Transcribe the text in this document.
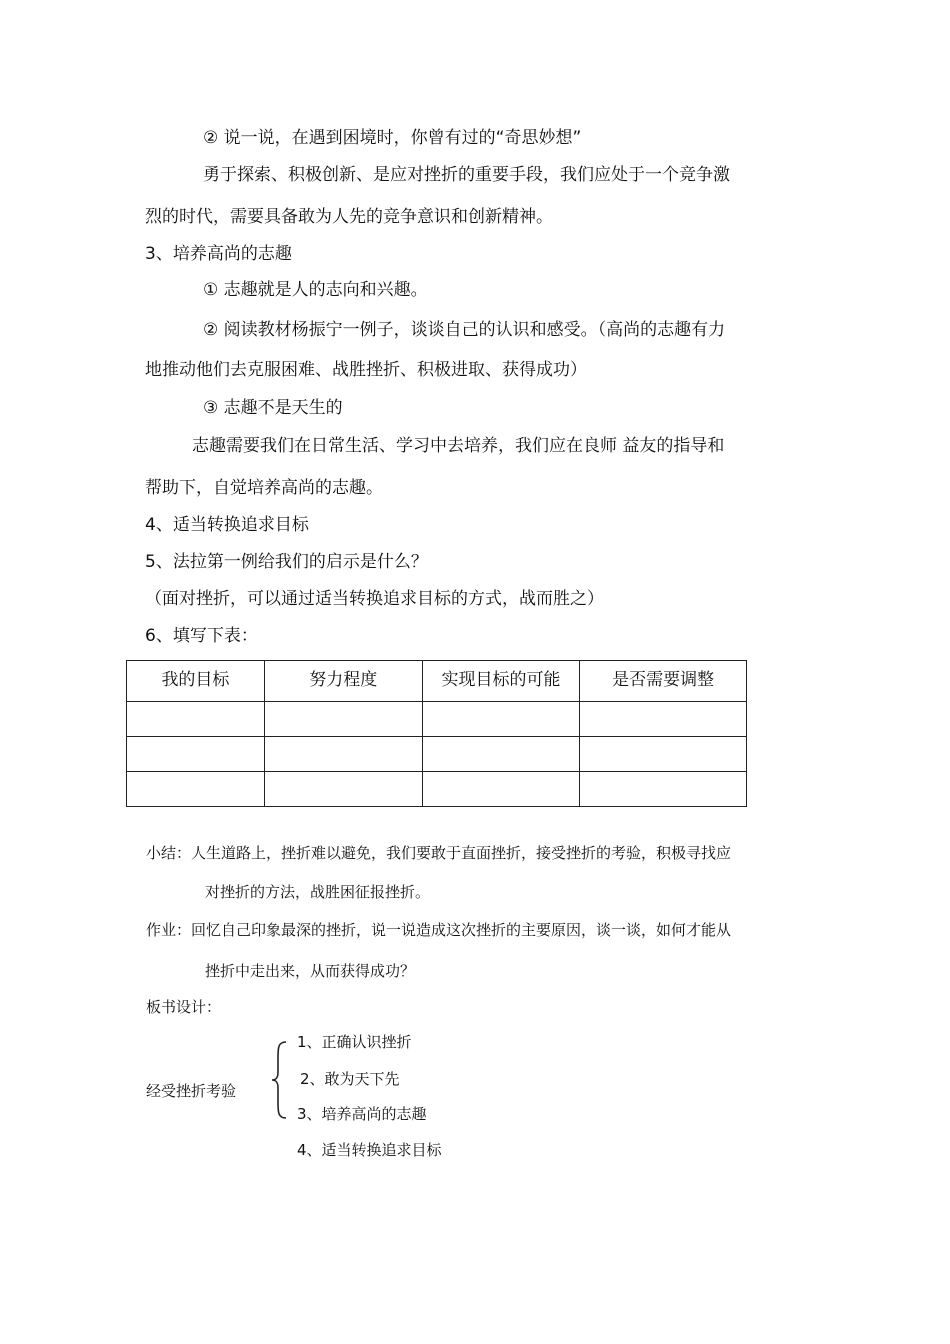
② 说一说，在遇到困境时，你曾有过的“奇思妙想”
勇于探索、积极创新、是应对挫折的重要手段，我们应处于一个竞争激
烈的时代，需要具备敢为人先的竞争意识和创新精神。
3、培养高尚的志趣
① 志趣就是人的志向和兴趣。
② 阅读教材杨振宁一例子，谈谈自己的认识和感受。（高尚的志趣有力
地推动他们去克服困难、战胜挫折、积极进取、获得成功）
③ 志趣不是天生的
志趣需要我们在日常生活、学习中去培养，我们应在良师 益友的指导和
帮助下，自觉培养高尚的志趣。
4、适当转换追求目标
5、法拉第一例给我们的启示是什么？
（面对挫折，可以通过适当转换追求目标的方式，战而胜之）
6、填写下表：
我的目标	努力程度	实现目标的可能	是否需要调整

小结：人生道路上，挫折难以避免，我们要敢于直面挫折，接受挫折的考验，积极寻找应
对挫折的方法，战胜困征报挫折。
作业：回忆自己印象最深的挫折，说一说造成这次挫折的主要原因，谈一谈，如何才能从
挫折中走出来，从而获得成功？
板书设计：
经受挫折考验
1、正确认识挫折
2、敢为天下先
3、培养高尚的志趣
4、适当转换追求目标
